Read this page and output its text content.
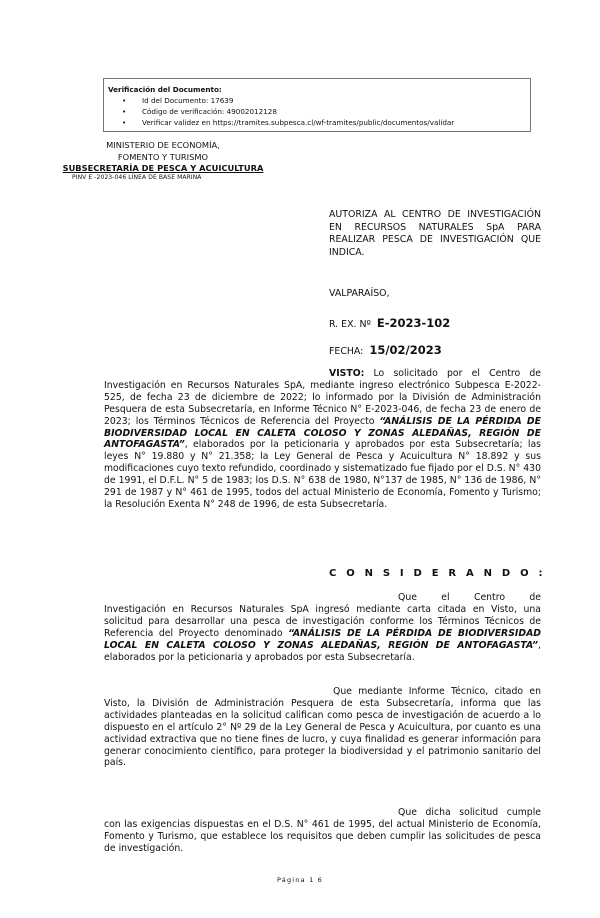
Verificación del Documento:
• Id del Documento: 17639
• Código de verificación: 49002012128
• Verificar validez en https://tramites.subpesca.cl/wf-tramites/public/documentos/validar
MINISTERIO DE ECONOMÍA,
FOMENTO Y TURISMO
SUBSECRETARÍA DE PESCA Y ACUICULTURA
PINV E -2023-046 LÍNEA DE BASE MARINA
AUTORIZA AL CENTRO DE INVESTIGACIÓN EN RECURSOS NATURALES SpA PARA REALIZAR PESCA DE INVESTIGACIÓN QUE INDICA.
VALPARAÍSO,
R. EX. Nº E-2023-102
FECHA: 15/02/2023

VISTO: Lo solicitado por el Centro de Investigación en Recursos Naturales SpA, mediante ingreso electrónico Subpesca E-2022-525, de fecha 23 de diciembre de 2022; lo informado por la División de Administración Pesquera de esta Subsecretaría, en Informe Técnico N° E-2023-046, de fecha 23 de enero de 2023; los Términos Técnicos de Referencia del Proyecto “ANÁLISIS DE LA PÉRDIDA DE BIODIVERSIDAD LOCAL EN CALETA COLOSO Y ZONAS ALEDAÑAS, REGIÓN DE ANTOFAGASTA”, elaborados por la peticionaria y aprobados por esta Subsecretaría; las leyes N° 19.880 y N° 21.358; la Ley General de Pesca y Acuicultura N° 18.892 y sus modificaciones cuyo texto refundido, coordinado y sistematizado fue fijado por el D.S. N° 430 de 1991, el D.F.L. N° 5 de 1983; los D.S. N° 638 de 1980, N°137 de 1985, N° 136 de 1986, N° 291 de 1987 y N° 461 de 1995, todos del actual Ministerio de Economía, Fomento y Turismo; la Resolución Exenta N° 248 de 1996, de esta Subsecretaría.

C O N S I D E R A N D O :

Que el Centro de Investigación en Recursos Naturales SpA ingresó mediante carta citada en Visto, una solicitud para desarrollar una pesca de investigación conforme los Términos Técnicos de Referencia del Proyecto denominado “ANÁLISIS DE LA PÉRDIDA DE BIODIVERSIDAD LOCAL EN CALETA COLOSO Y ZONAS ALEDAÑAS, REGIÓN DE ANTOFAGASTA”, elaborados por la peticionaria y aprobados por esta Subsecretaría.

Que mediante Informe Técnico, citado en Visto, la División de Administración Pesquera de esta Subsecretaría, informa que las actividades planteadas en la solicitud califican como pesca de investigación de acuerdo a lo dispuesto en el artículo 2° Nº 29 de la Ley General de Pesca y Acuicultura, por cuanto es una actividad extractiva que no tiene fines de lucro, y cuya finalidad es generar información para generar conocimiento científico, para proteger la biodiversidad y el patrimonio sanitario del país.

Que dicha solicitud cumple con las exigencias dispuestas en el D.S. N° 461 de 1995, del actual Ministerio de Economía, Fomento y Turismo, que establece los requisitos que deben cumplir las solicitudes de pesca de investigación.

Página 1 6
